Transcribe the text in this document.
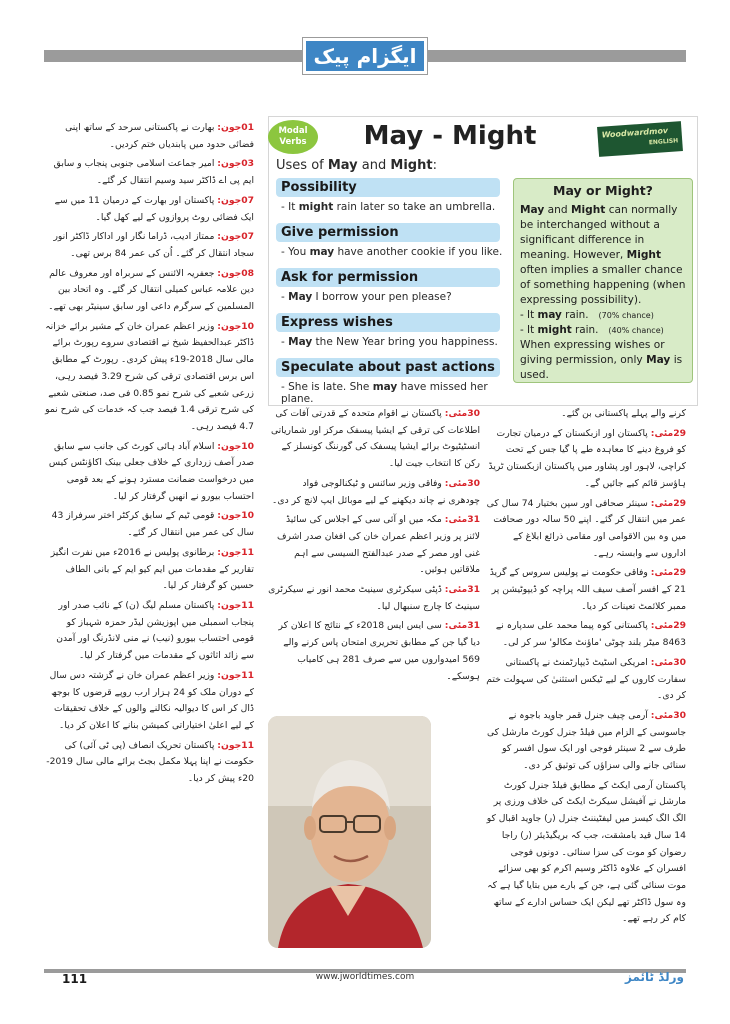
ایگزام پیک

01جون: بھارت نے پاکستانی سرحد کے ساتھ اپنی فضائی حدود میں پابندیاں ختم کردیں۔

03جون: امیر جماعت اسلامی جنوبی پنجاب و سابق ایم پی اے ڈاکٹر سید وسیم انتقال کر گئے۔

07جون: پاکستان اور بھارت کے درمیان 11 میں سے ایک فضائی روٹ پروازوں کے لیے کھل گیا۔

07جون: ممتاز ادیب، ڈراما نگار اور اداکار ڈاکٹر انور سجاد انتقال کر گئے۔ اُن کی عمر 84 برس تھی۔

08جون: جعفریہ الائنس کے سربراہ اور معروف عالم دین علامہ عباس کمیلی انتقال کر گئے۔ وہ اتحاد بین المسلمین کے سرگرم داعی اور سابق سینیٹر بھی تھے۔

10جون: وزیر اعظم عمران خان کے مشیر برائے خزانہ ڈاکٹر عبدالحفیظ شیخ نے اقتصادی سروے رپورٹ برائے مالی سال 2018-19ء پیش کردی۔ رپورٹ کے مطابق اس برس اقتصادی ترقی کی شرح 3.29 فیصد رہی، زرعی شعبے کی شرح نمو 0.85 فی صد، صنعتی شعبے کی شرح ترقی 1.4 فیصد جب کہ خدمات کی شرح نمو 4.7 فیصد رہی۔

10جون: اسلام آباد ہائی کورٹ کی جانب سے سابق صدر آصف زرداری کے خلاف جعلی بینک اکاؤنٹس کیس میں درخواست ضمانت مسترد ہونے کے بعد قومی احتساب بیورو نے انھیں گرفتار کر لیا۔

10جون: قومی ٹیم کے سابق کرکٹر اختر سرفراز 43 سال کی عمر میں انتقال کر گئے۔

11جون: برطانوی پولیس نے 2016ء میں نفرت انگیز تقاریر کے مقدمات میں ایم کیو ایم کے بانی الطاف حسین کو گرفتار کر لیا۔

11جون: پاکستان مسلم لیگ (ن) کے نائب صدر اور پنجاب اسمبلی میں اپوزیشن لیڈر حمزہ شہباز کو قومی احتساب بیورو (نیب) نے منی لانڈرنگ اور آمدن سے زائد اثاثوں کے مقدمات میں گرفتار کر لیا۔

11جون: وزیر اعظم عمران خان نے گزشتہ دس سال کے دوران ملک کو 24 ہزار ارب روپے قرضوں کا بوجھ ڈال کر اس کا دیوالیہ نکالنے والوں کے خلاف تحقیقات کے لیے اعلیٰ اختیاراتی کمیشن بنانے کا اعلان کر دیا۔

11جون: پاکستان تحریک انصاف (پی ٹی آئی) کی حکومت نے اپنا پہلا مکمل بجٹ برائے مالی سال 2019-20ء پیش کر دیا۔

Modal
Verbs	May - Might	Woodwardmov
ENGLISH
Uses of May and Might:
Possibility
- It might rain later so take an umbrella.
Give permission
- You may have another cookie if you like.
Ask for permission
- May I borrow your pen please?
Express wishes
- May the New Year bring you happiness.
Speculate about past actions
- She is late. She may have missed her plane.
May or Might?
May and Might can normally be interchanged without a significant difference in meaning. However, Might often implies a smaller chance of something happening (when expressing possibility).
- It may rain. (70% chance)
- It might rain. (40% chance)
When expressing wishes or giving permission, only May is used.

30مئی: پاکستان نے اقوام متحدہ کے قدرتی آفات کی اطلاعات کی ترقی کے ایشیا پیسفک مرکز اور شماریاتی انسٹیٹیوٹ برائے ایشیا پیسفک کی گورننگ کونسلز کے رکن کا انتخاب جیت لیا۔

30مئی: وفاقی وزیر سائنس و ٹیکنالوجی فواد چودھری نے چاند دیکھنے کے لیے موبائل ایپ لانچ کر دی۔

31مئی: مکہ میں او آئی سی کے اجلاس کی سائیڈ لائنز پر وزیر اعظم عمران خان کی افغان صدر اشرف غنی اور مصر کے صدر عبدالفتح السیسی سے اہم ملاقاتیں ہوئیں۔

31مئی: ڈپٹی سیکرٹری سینیٹ محمد انور نے سیکرٹری سینیٹ کا چارج سنبھال لیا۔

31مئی: سی ایس ایس 2018ء کے نتائج کا اعلان کر دیا گیا جن کے مطابق تحریری امتحان پاس کرنے والے 569 امیدواروں میں سے صرف 281 ہی کامیاب ہوسکے۔

کرنے والے پہلے پاکستانی بن گئے۔

29مئی: پاکستان اور ازبکستان کے درمیان تجارت کو فروغ دینے کا معاہدہ طے پا گیا جس کے تحت کراچی، لاہور اور پشاور میں پاکستان ازبکستان ٹریڈ ہاؤسز قائم کیے جائیں گے۔

29مئی: سینئر صحافی اور سپن بختیار 74 سال کی عمر میں انتقال کر گئے۔ اپنے 50 سالہ دور صحافت میں وہ بین الاقوامی اور مقامی ذرائع ابلاغ کے اداروں سے وابستہ رہے۔

29مئی: وفاقی حکومت نے پولیس سروس کے گریڈ 21 کے افسر آصف سیف اللہ پراچہ کو ڈیپوٹیشن پر ممبر کلائمٹ تعینات کر دیا۔

29مئی: پاکستانی کوہ پیما محمد علی سدپارہ نے 8463 میٹر بلند چوٹی 'ماؤنٹ مکالو' سر کر لی۔

30مئی: امریکی اسٹیٹ ڈیپارٹمنٹ نے پاکستانی سفارت کاروں کے لیے ٹیکس استثنیٰ کی سہولت ختم کر دی۔

30مئی: آرمی چیف جنرل قمر جاوید باجوہ نے جاسوسی کے الزام میں فیلڈ جنرل کورٹ مارشل کی طرف سے 2 سینئر فوجی اور ایک سول افسر کو سنائی جانے والی سزاؤں کی توثیق کر دی۔

پاکستان آرمی ایکٹ کے مطابق فیلڈ جنرل کورٹ مارشل نے آفیشل سیکرٹ ایکٹ کی خلاف ورزی پر الگ الگ کیسز میں لیفٹیننٹ جنرل (ر) جاوید اقبال کو 14 سال قید بامشقت، جب کہ بریگیڈیئر (ر) راجا رضوان کو موت کی سزا سنائی۔ دونوں فوجی افسران کے علاوہ ڈاکٹر وسیم اکرم کو بھی سزائے موت سنائی گئی ہے، جن کے بارے میں بتایا گیا ہے کہ وہ سول ڈاکٹر تھے لیکن ایک حساس ادارے کے ساتھ کام کر رہے تھے۔

111	www.jworldtimes.com	ورلڈ ٹائمز
